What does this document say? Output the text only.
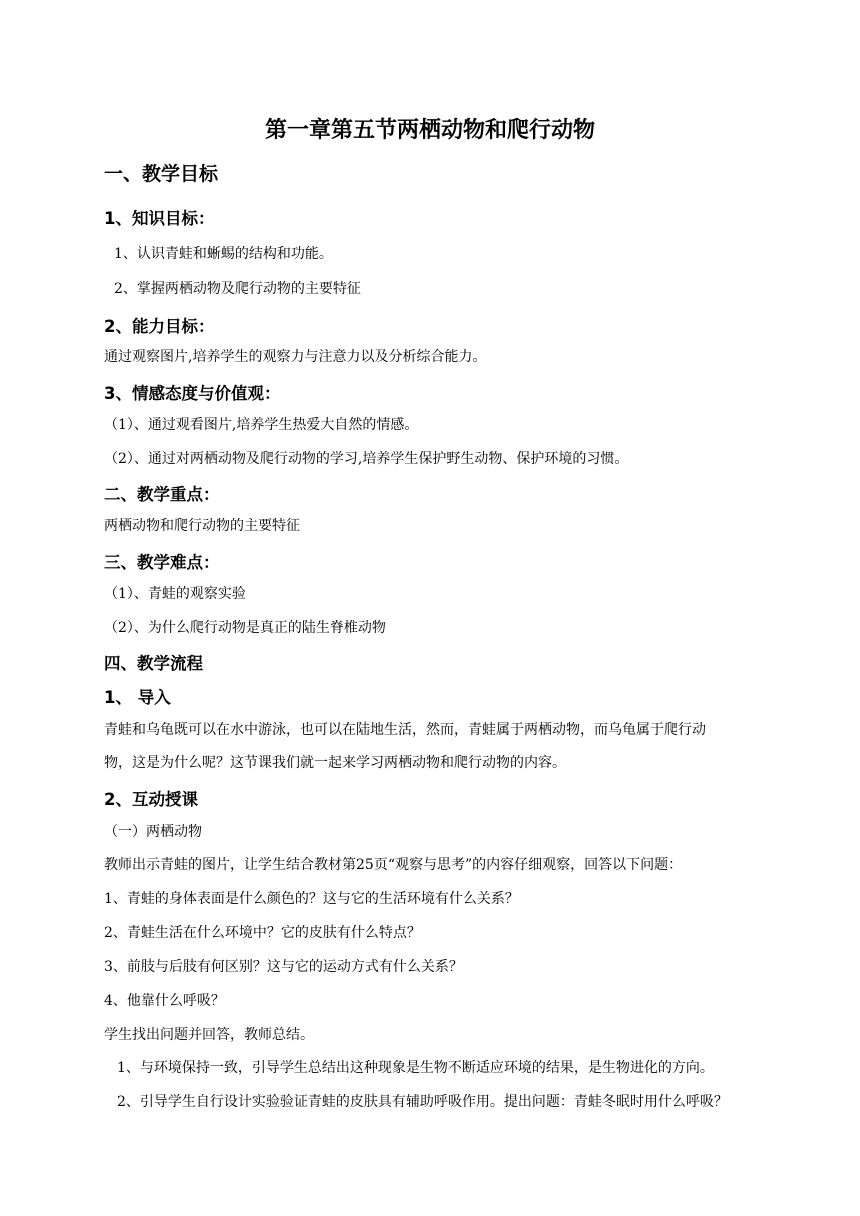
第一章第五节两栖动物和爬行动物
一、教学目标
1、知识目标：
1、认识青蛙和蜥蜴的结构和功能。
2、掌握两栖动物及爬行动物的主要特征
2、能力目标：
通过观察图片,培养学生的观察力与注意力以及分析综合能力。
3、情感态度与价值观：
（1）、通过观看图片,培养学生热爱大自然的情感。
（2）、通过对两栖动物及爬行动物的学习,培养学生保护野生动物、保护环境的习惯。
二、教学重点：
两栖动物和爬行动物的主要特征
三、教学难点：
（1）、青蛙的观察实验
（2）、为什么爬行动物是真正的陆生脊椎动物
四、教学流程
1、 导入
青蛙和乌龟既可以在水中游泳，也可以在陆地生活，然而，青蛙属于两栖动物，而乌龟属于爬行动
物，这是为什么呢？这节课我们就一起来学习两栖动物和爬行动物的内容。
2、互动授课
（一）两栖动物
教师出示青蛙的图片，让学生结合教材第25页“观察与思考”的内容仔细观察，回答以下问题：
1、青蛙的身体表面是什么颜色的？这与它的生活环境有什么关系？
2、青蛙生活在什么环境中？它的皮肤有什么特点？
3、前肢与后肢有何区别？这与它的运动方式有什么关系？
4、他靠什么呼吸？
学生找出问题并回答，教师总结。
1、与环境保持一致，引导学生总结出这种现象是生物不断适应环境的结果，是生物进化的方向。
2、引导学生自行设计实验验证青蛙的皮肤具有辅助呼吸作用。提出问题：青蛙冬眠时用什么呼吸？
